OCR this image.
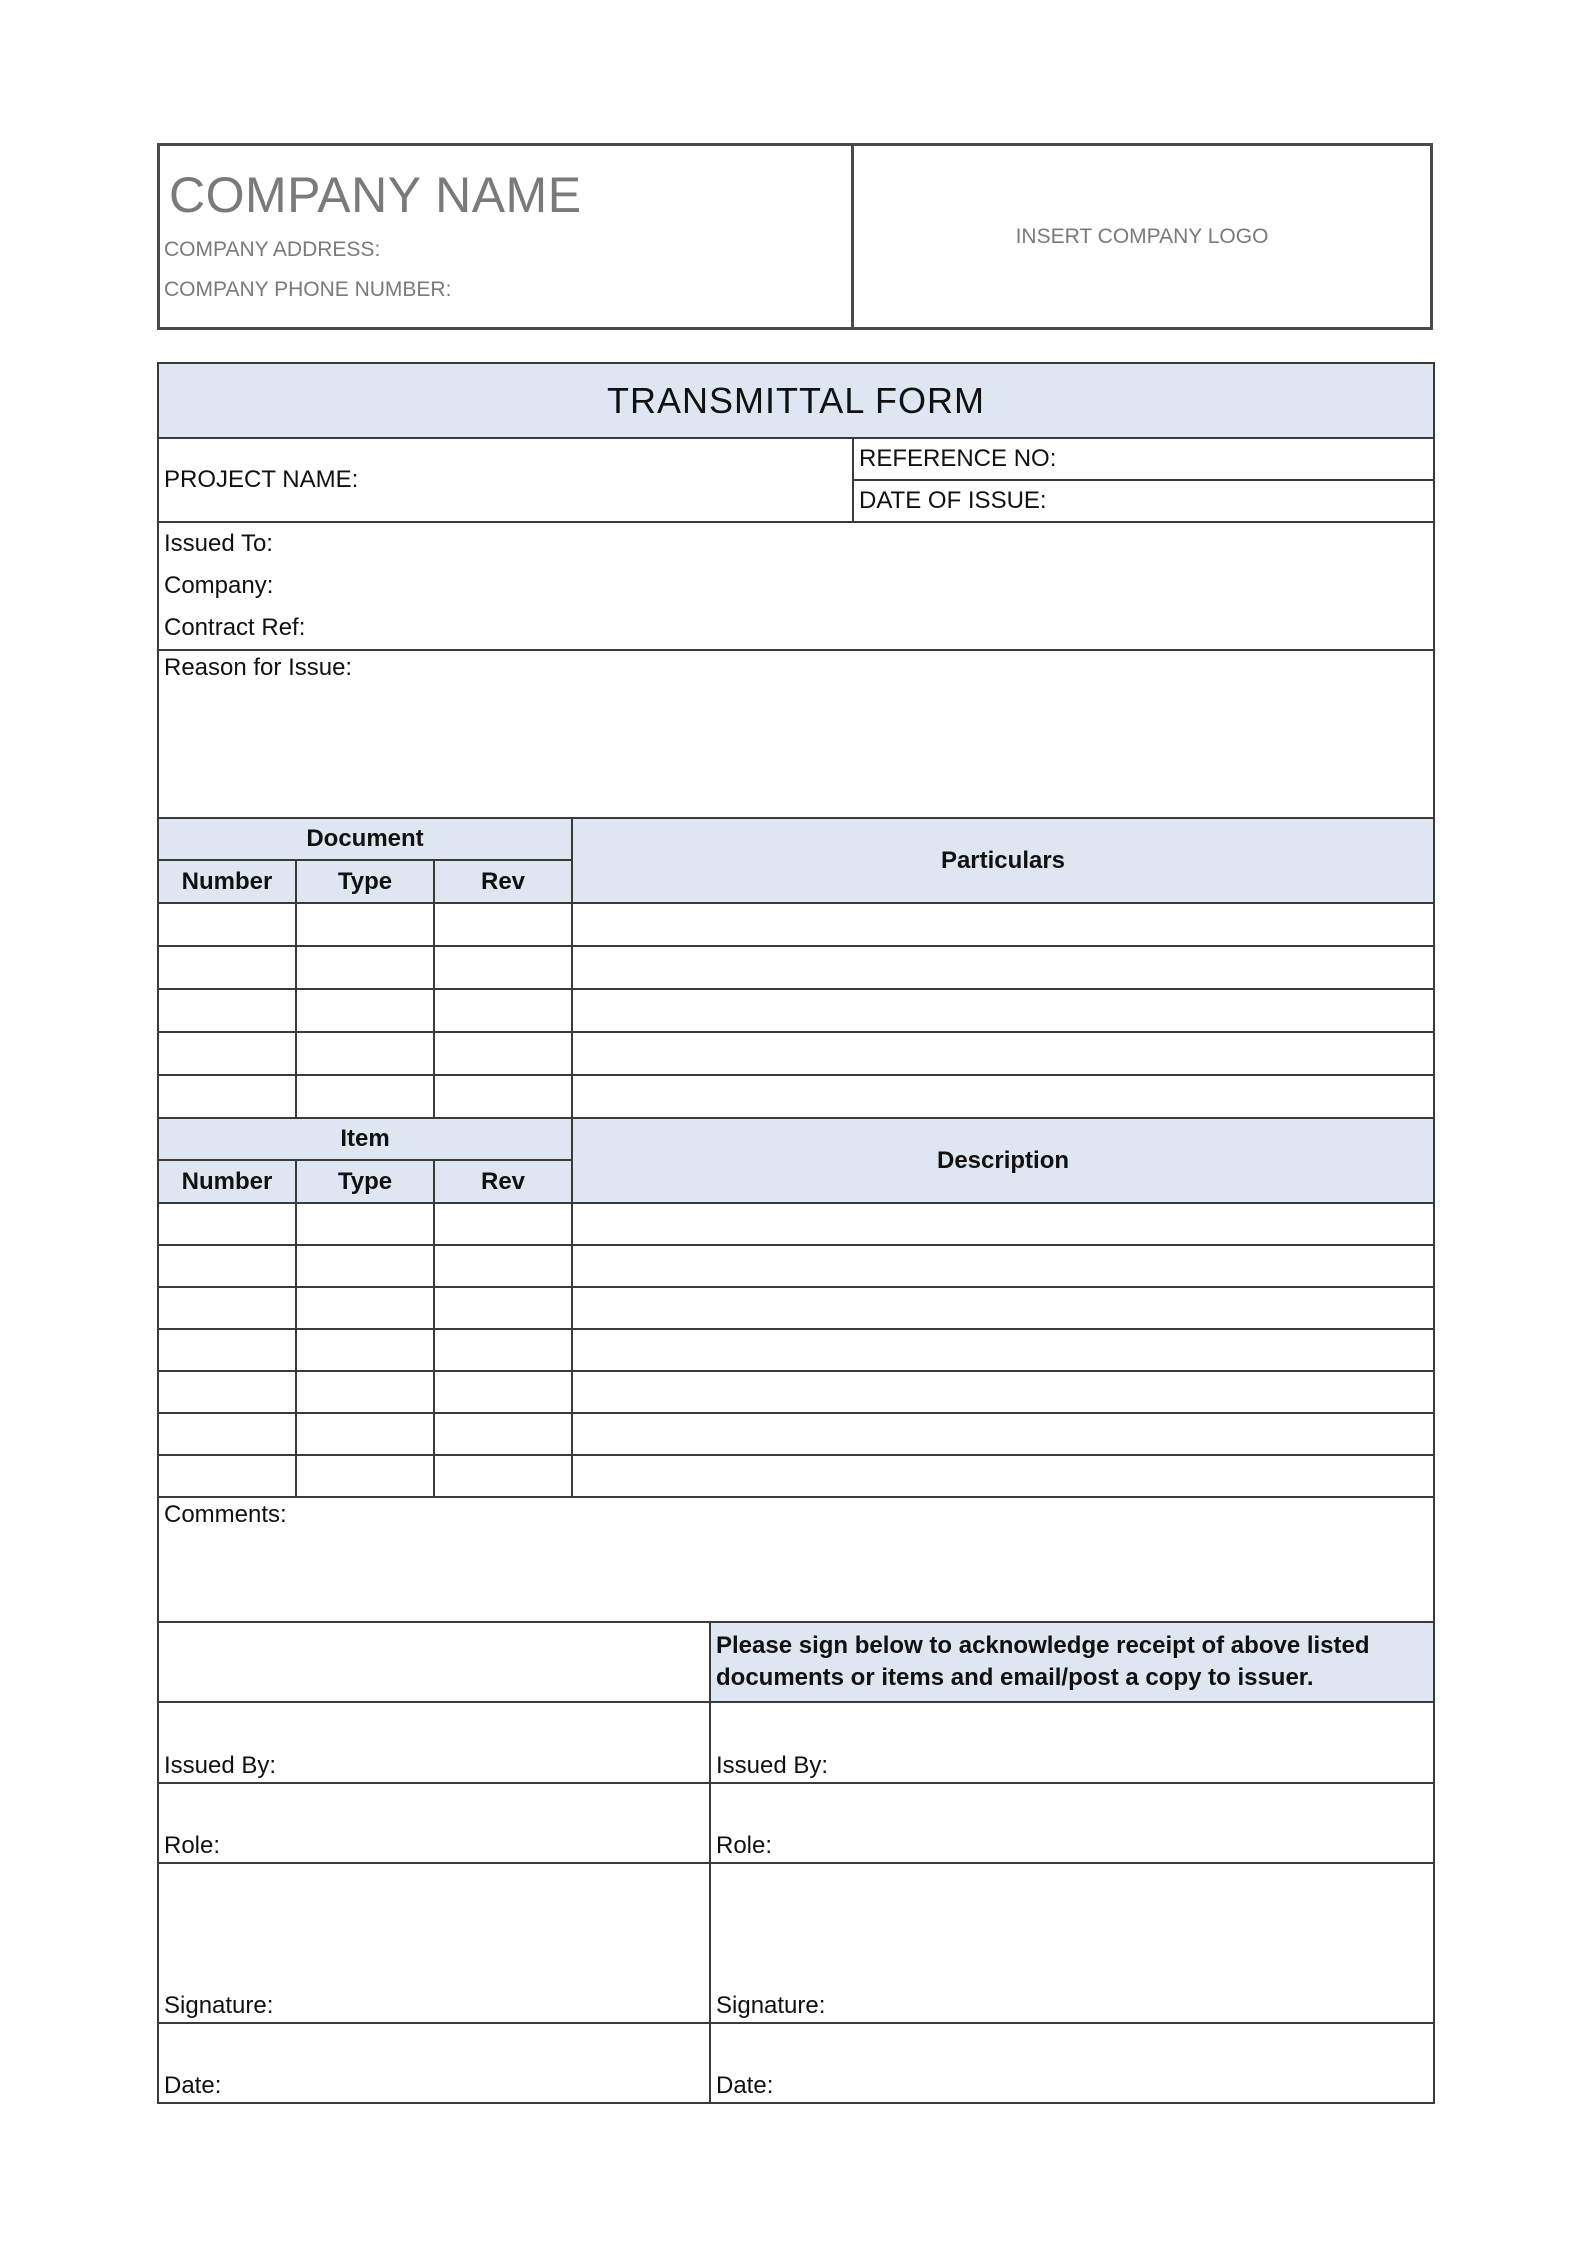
COMPANY NAME
COMPANY ADDRESS:
COMPANY PHONE NUMBER:
INSERT COMPANY LOGO
TRANSMITTAL FORM					
PROJECT NAME:					REFERENCE NO:
					DATE OF ISSUE:

Issued To:
Company:
Contract Ref:					

Reason for Issue:					
Document			Particulars		
Number	Type	Rev			

Item			Description		
Number	Type	Rev			

Comments:					
				Please sign below to acknowledge receipt of above listed documents or items and email/post a copy to issuer.	
Issued By:				Issued By:	
Role:				Role:	
Signature:				Signature:	
Date:				Date:	
